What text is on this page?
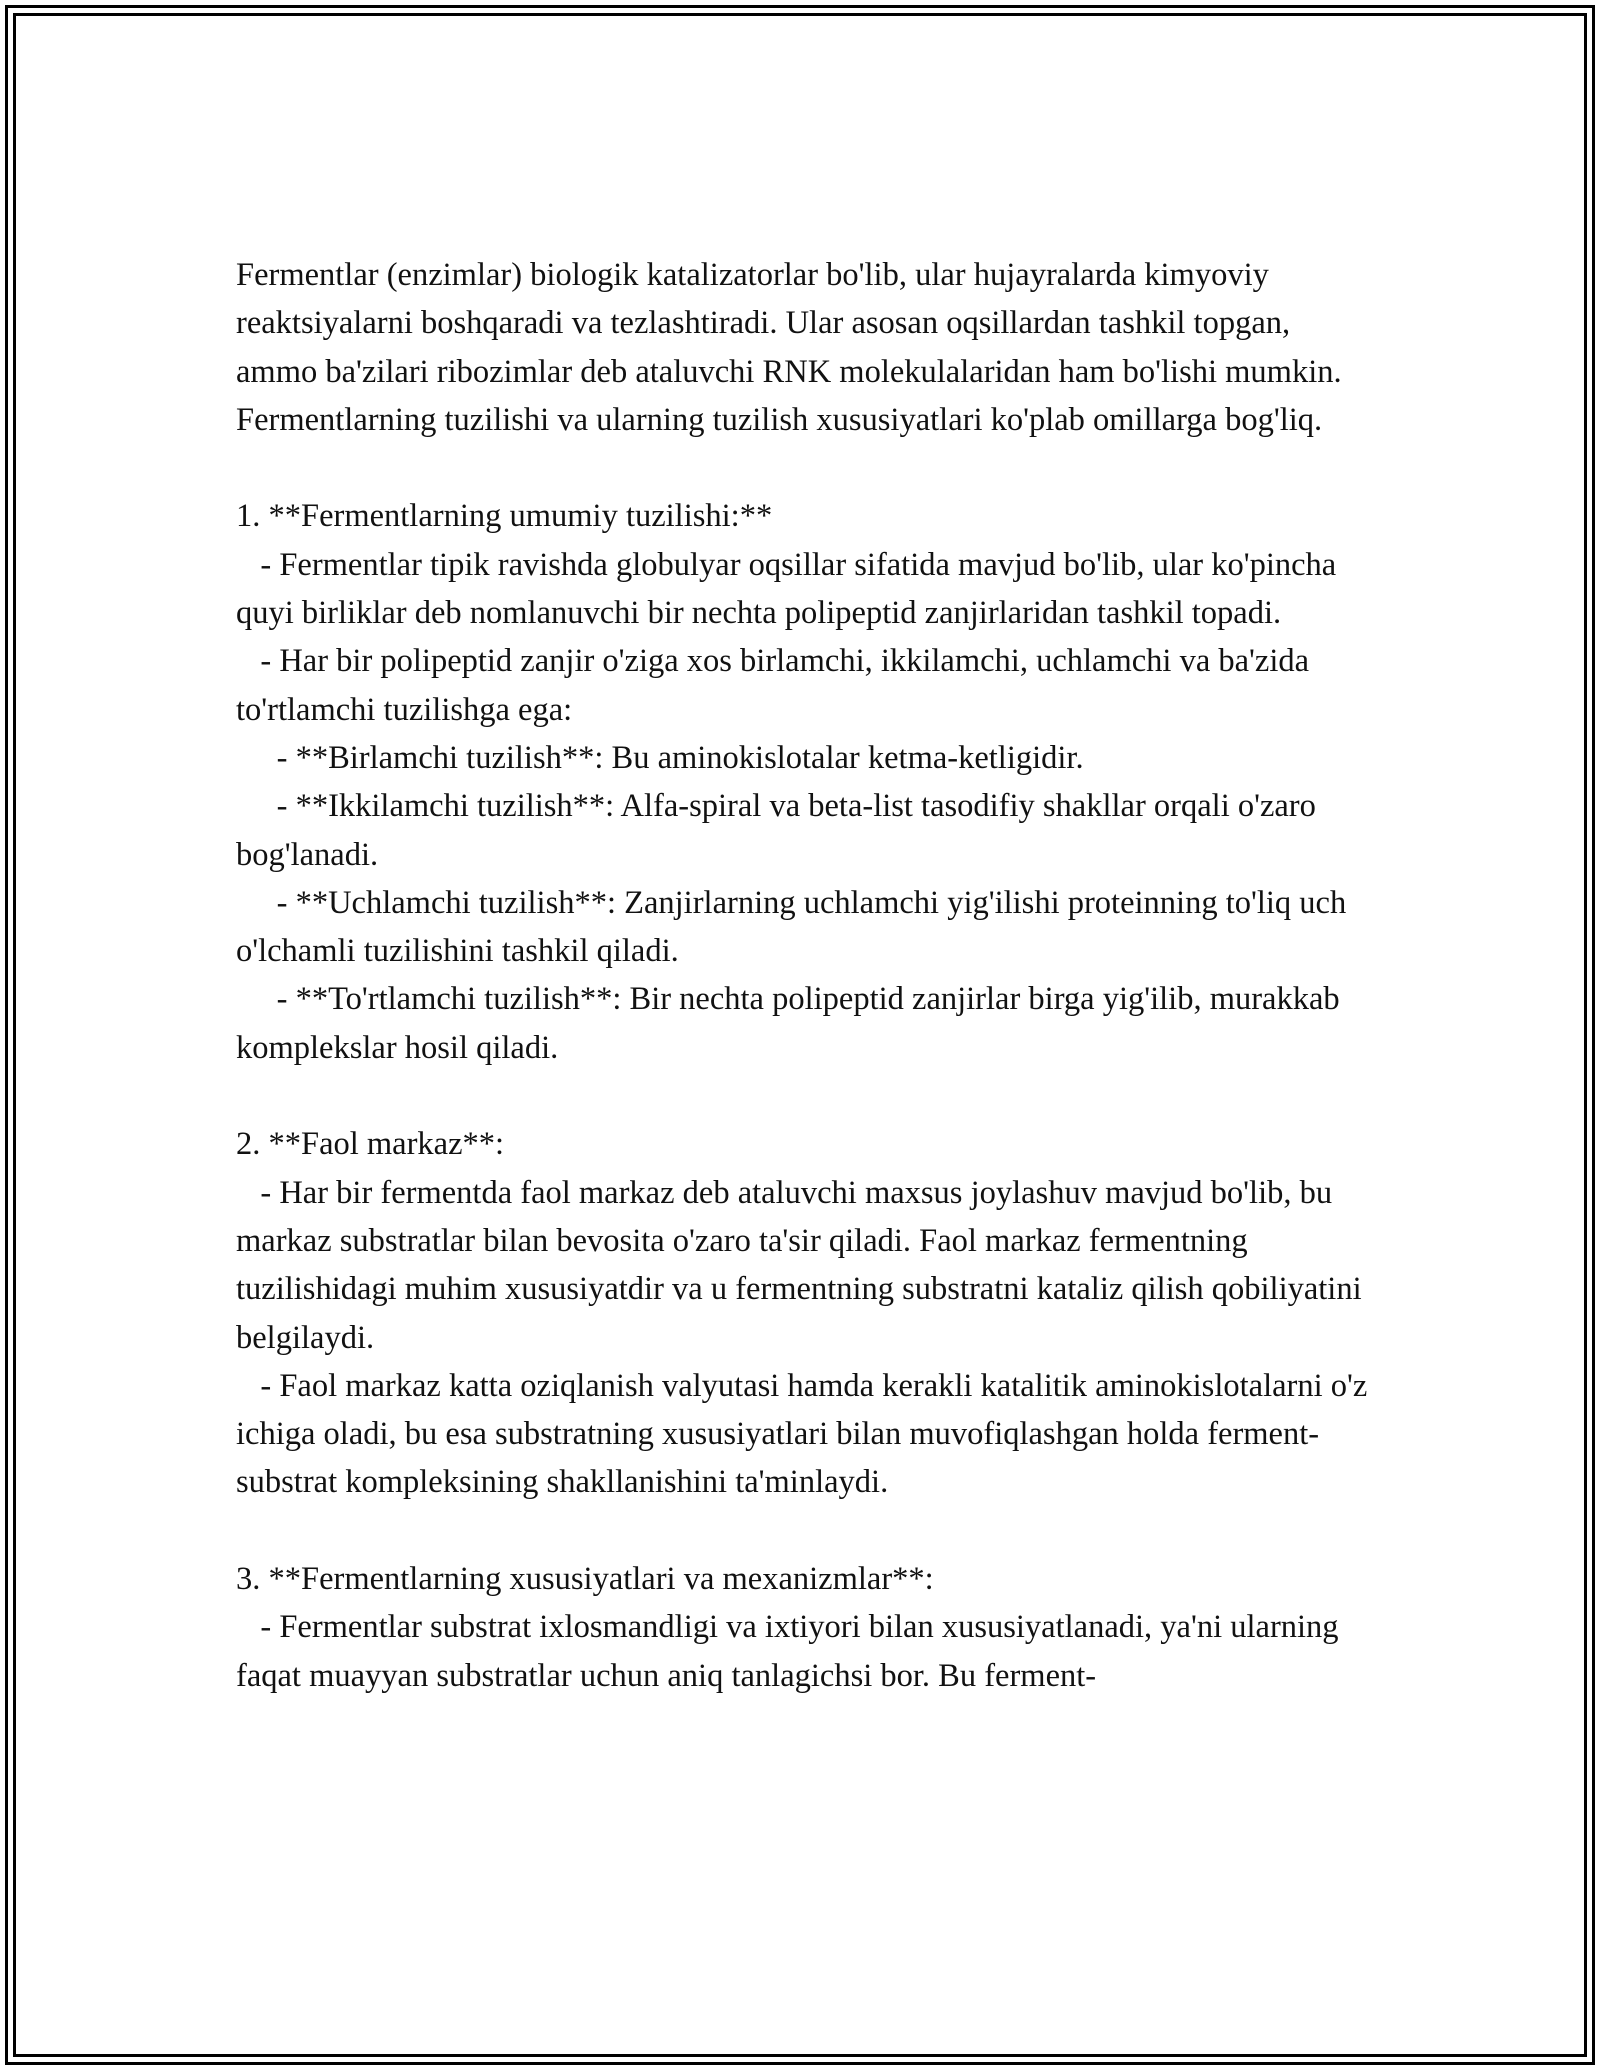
Fermentlar (enzimlar) biologik katalizatorlar bo'lib, ular hujayralarda kimyoviy reaktsiyalarni boshqaradi va tezlashtiradi. Ular asosan oqsillardan tashkil topgan, ammo ba'zilari ribozimlar deb ataluvchi RNK molekulalaridan ham bo'lishi mumkin. Fermentlarning tuzilishi va ularning tuzilish xususiyatlari ko'plab omillarga bog'liq.

1. **Fermentlarning umumiy tuzilishi:**
- Fermentlar tipik ravishda globulyar oqsillar sifatida mavjud bo'lib, ular ko'pincha quyi birliklar deb nomlanuvchi bir nechta polipeptid zanjirlaridan tashkil topadi.
- Har bir polipeptid zanjir o'ziga xos birlamchi, ikkilamchi, uchlamchi va ba'zida to'rtlamchi tuzilishga ega:
- **Birlamchi tuzilish**: Bu aminokislotalar ketma-ketligidir.
- **Ikkilamchi tuzilish**: Alfa-spiral va beta-list tasodifiy shakllar orqali o'zaro bog'lanadi.
- **Uchlamchi tuzilish**: Zanjirlarning uchlamchi yig'ilishi proteinning to'liq uch o'lchamli tuzilishini tashkil qiladi.
- **To'rtlamchi tuzilish**: Bir nechta polipeptid zanjirlar birga yig'ilib, murakkab komplekslar hosil qiladi.

2. **Faol markaz**:
- Har bir fermentda faol markaz deb ataluvchi maxsus joylashuv mavjud bo'lib, bu markaz substratlar bilan bevosita o'zaro ta'sir qiladi. Faol markaz fermentning tuzilishidagi muhim xususiyatdir va u fermentning substratni kataliz qilish qobiliyatini belgilaydi.
- Faol markaz katta oziqlanish valyutasi hamda kerakli katalitik aminokislotalarni o'z ichiga oladi, bu esa substratning xususiyatlari bilan muvofiqlashgan holda ferment-substrat kompleksining shakllanishini ta'minlaydi.

3. **Fermentlarning xususiyatlari va mexanizmlar**:
- Fermentlar substrat ixlosmandligi va ixtiyori bilan xususiyatlanadi, ya'ni ularning faqat muayyan substratlar uchun aniq tanlagichsi bor. Bu ferment-
